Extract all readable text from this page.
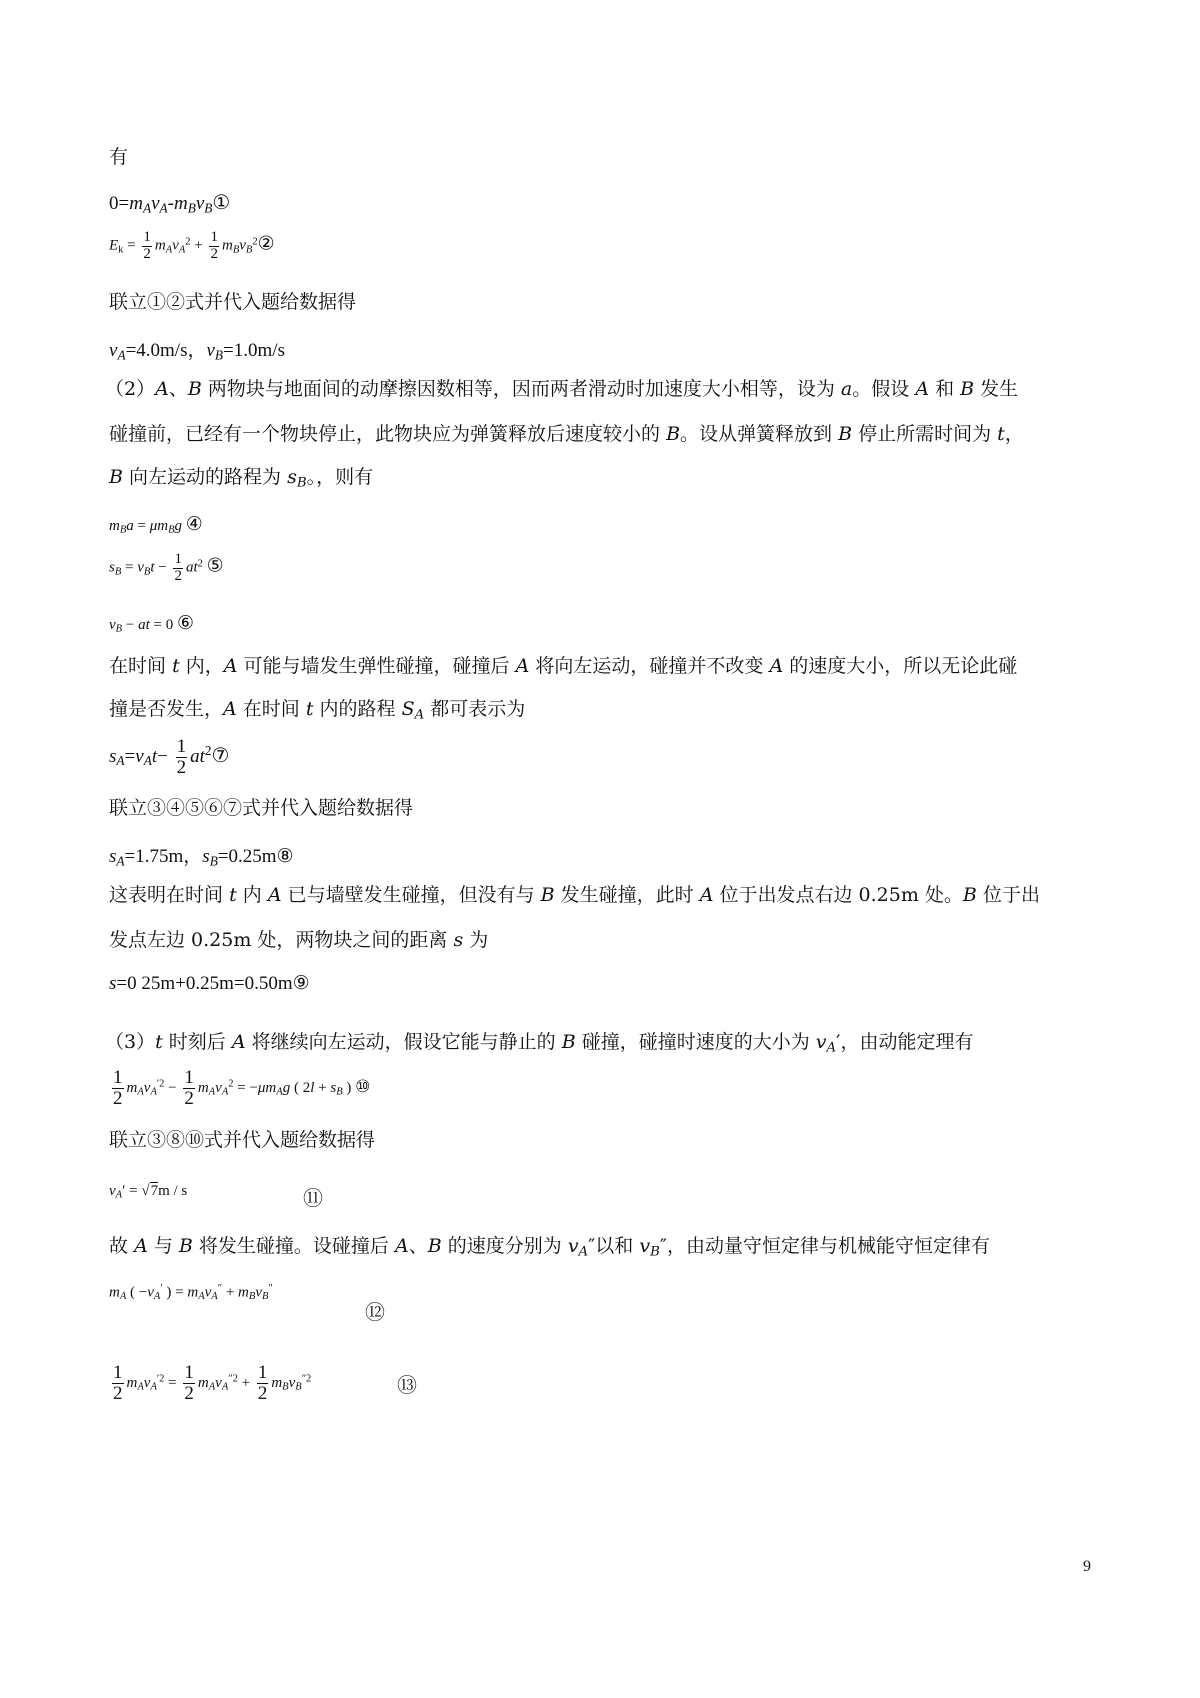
有
$0=m_Av_A-m_Bv_B①$
$E_k = \frac{1}{2} m_Av_A^2 + \frac{1}{2}$ $m_Bv_B^2②$
联立①②式并代入题给数据得
$v_A=4.0m/s$，$v_B=1.0m/s$
（2）A、B 两物块与地面间的动摩擦因数相等，因而两者滑动时加速度大小相等，设为 a。假设 A 和 B 发生
碰撞前，已经有一个物块停止，此物块应为弹簧释放后速度较小的 B。设从弹簧释放到 B 停止所需时间为 t，
B 向左运动的路程为 $s_B$。，则有
$m_Ba = \mu m_Bg$ ④
$s_B = v_Bt - \frac{1}{2} at^2$ ⑤
$v_B$ − at = 0 ⑥
在时间 t 内，A 可能与墙发生弹性碰撞，碰撞后 A 将向左运动，碰撞并不改变 A 的速度大小，所以无论此碰
撞是否发生，A 在时间 t 内的路程 $S_A$ 都可表示为
$s_A=v_At- \frac{1}{2}$ $at^2⑦$
联立③④⑤⑥⑦式并代入题给数据得
$s_A=1.75m$，$s_B=0.25m⑧$
这表明在时间 t 内 A 已与墙壁发生碰撞，但没有与 B 发生碰撞，此时 A 位于出发点右边 0.25m 处。B 位于出
发点左边 0.25m 处，两物块之间的距离 s 为
s=0 25m+0.25m=0.50m⑨
（3）t 时刻后 A 将继续向左运动，假设它能与静止的 B 碰撞，碰撞时速度的大小为 $v_A'$，由动能定理有
$\frac{1}{2} m_Av_A^{'2} - \frac{1}{2} m_Av_A^2 = -\mu m_Ag$ ( $2l + s_B$ ) ⑩
联立③⑧⑩式并代入题给数据得
$v_A' = √7m / s$	⑪
故 A 与 B 将发生碰撞。设碰撞后 A、B 的速度分别为 $v_A''$以和 $v_B''$，由动量守恒定律与机械能守恒定律有
$m_A$ ( $-v_A'$ ) = $m_Av_A'' + m_Bv_B''$
⑫
$\frac{1}{2} m_Av_A^{'2} = \frac{1}{2} m_Av_A^{''2} + \frac{1}{2} m_Bv_B^{''2}$	⑬
9
